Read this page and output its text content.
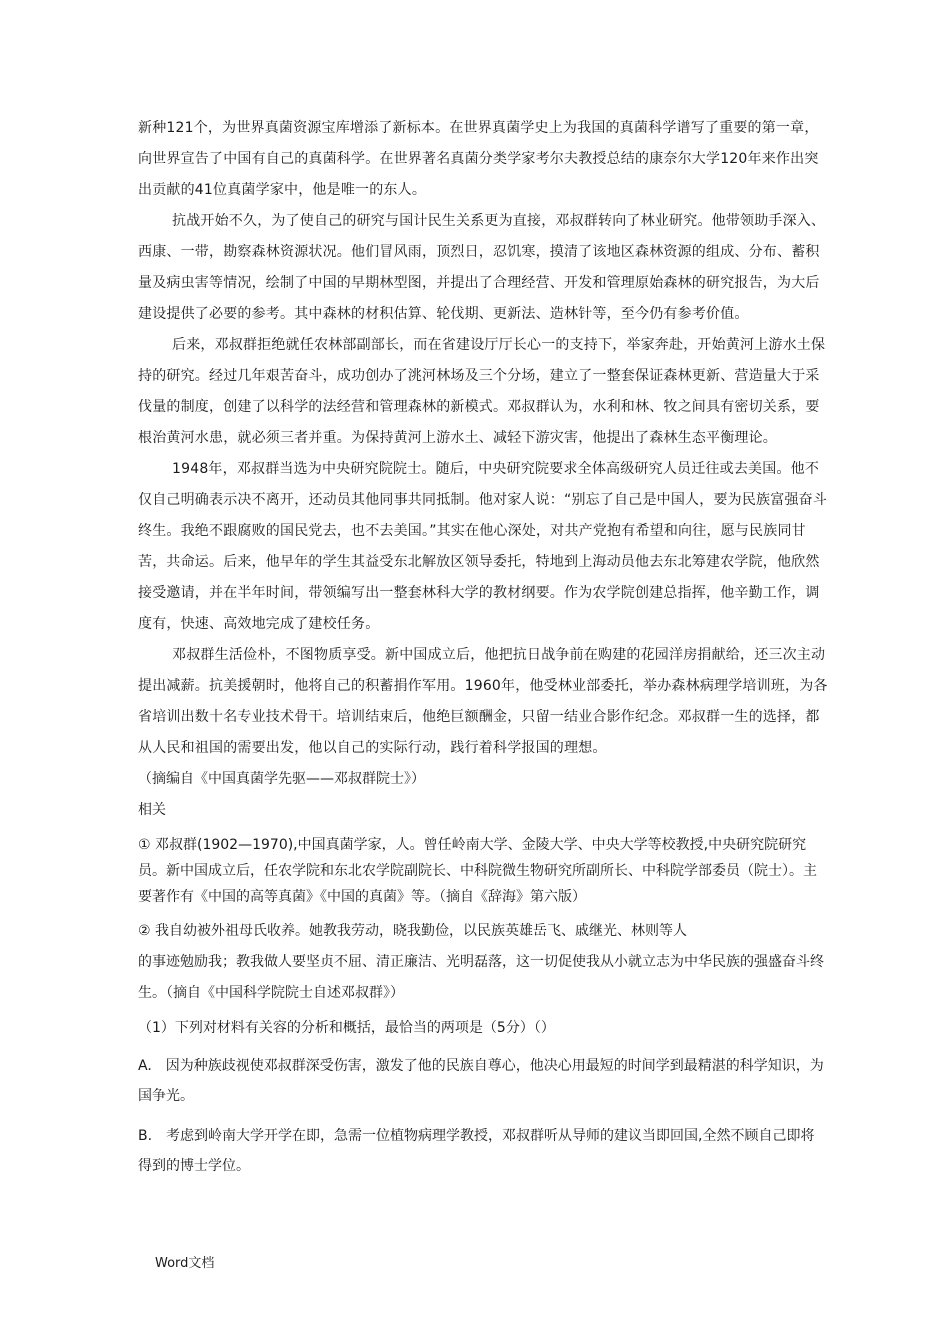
新种121个，为世界真菌资源宝库增添了新标本。在世界真菌学史上为我国的真菌科学谱写了重要的第一章，向世界宣告了中国有自己的真菌科学。在世界著名真菌分类学家考尔夫教授总结的康奈尔大学120年来作出突出贡献的41位真菌学家中，他是唯一的东人。

抗战开始不久，为了使自己的研究与国计民生关系更为直接，邓叔群转向了林业研究。他带领助手深入、西康、一带，勘察森林资源状况。他们冒风雨，顶烈日，忍饥寒，摸清了该地区森林资源的组成、分布、蓄积量及病虫害等情况，绘制了中国的早期林型图，并提出了合理经营、开发和管理原始森林的研究报告，为大后建设提供了必要的参考。其中森林的材积估算、轮伐期、更新法、造林针等，至今仍有参考价值。

后来，邓叔群拒绝就任农林部副部长，而在省建设厅厅长心一的支持下，举家奔赴，开始黄河上游水土保持的研究。经过几年艰苦奋斗，成功创办了洮河林场及三个分场，建立了一整套保证森林更新、营造量大于采伐量的制度，创建了以科学的法经营和管理森林的新模式。邓叔群认为，水利和林、牧之间具有密切关系，要根治黄河水患，就必须三者并重。为保持黄河上游水土、减轻下游灾害，他提出了森林生态平衡理论。

1948年，邓叔群当选为中央研究院院士。随后，中央研究院要求全体高级研究人员迁往或去美国。他不仅自己明确表示决不离开，还动员其他同事共同抵制。他对家人说：“别忘了自己是中国人，要为民族富强奋斗终生。我绝不跟腐败的国民党去，也不去美国。”其实在他心深处，对共产党抱有希望和向往，愿与民族同甘苦，共命运。后来，他早年的学生其益受东北解放区领导委托，特地到上海动员他去东北筹建农学院，他欣然接受邀请，并在半年时间，带领编写出一整套林科大学的教材纲要。作为农学院创建总指挥，他辛勤工作，调度有，快速、高效地完成了建校任务。

邓叔群生活俭朴，不图物质享受。新中国成立后，他把抗日战争前在购建的花园洋房捐献给，还三次主动提出减薪。抗美援朝时，他将自己的积蓄捐作军用。1960年，他受林业部委托，举办森林病理学培训班，为各省培训出数十名专业技术骨干。培训结束后，他绝巨额酬金，只留一结业合影作纪念。邓叔群一生的选择，都从人民和祖国的需要出发，他以自己的实际行动，践行着科学报国的理想。

（摘编自《中国真菌学先驱——邓叔群院士》）

相关

① 邓叔群(1902—1970),中国真菌学家，人。曾任岭南大学、金陵大学、中央大学等校教授,中央研究院研究员。新中国成立后，任农学院和东北农学院副院长、中科院微生物研究所副所长、中科院学部委员（院士）。主要著作有《中国的高等真菌》《中国的真菌》等。（摘自《辞海》第六版）

② 我自幼被外祖母氏收养。她教我劳动，晓我勤俭，以民族英雄岳飞、戚继光、林则等人

的事迹勉励我；教我做人要坚贞不屈、清正廉洁、光明磊落，这一切促使我从小就立志为中华民族的强盛奋斗终生。（摘自《中国科学院院士自述邓叔群》）

（1）下列对材料有关容的分析和概括，最恰当的两项是（5分）（）

A.　因为种族歧视使邓叔群深受伤害，激发了他的民族自尊心，他决心用最短的时间学到最精湛的科学知识，为国争光。

B.　考虑到岭南大学开学在即，急需一位植物病理学教授，邓叔群听从导师的建议当即回国,全然不顾自己即将得到的博士学位。

Word文档
